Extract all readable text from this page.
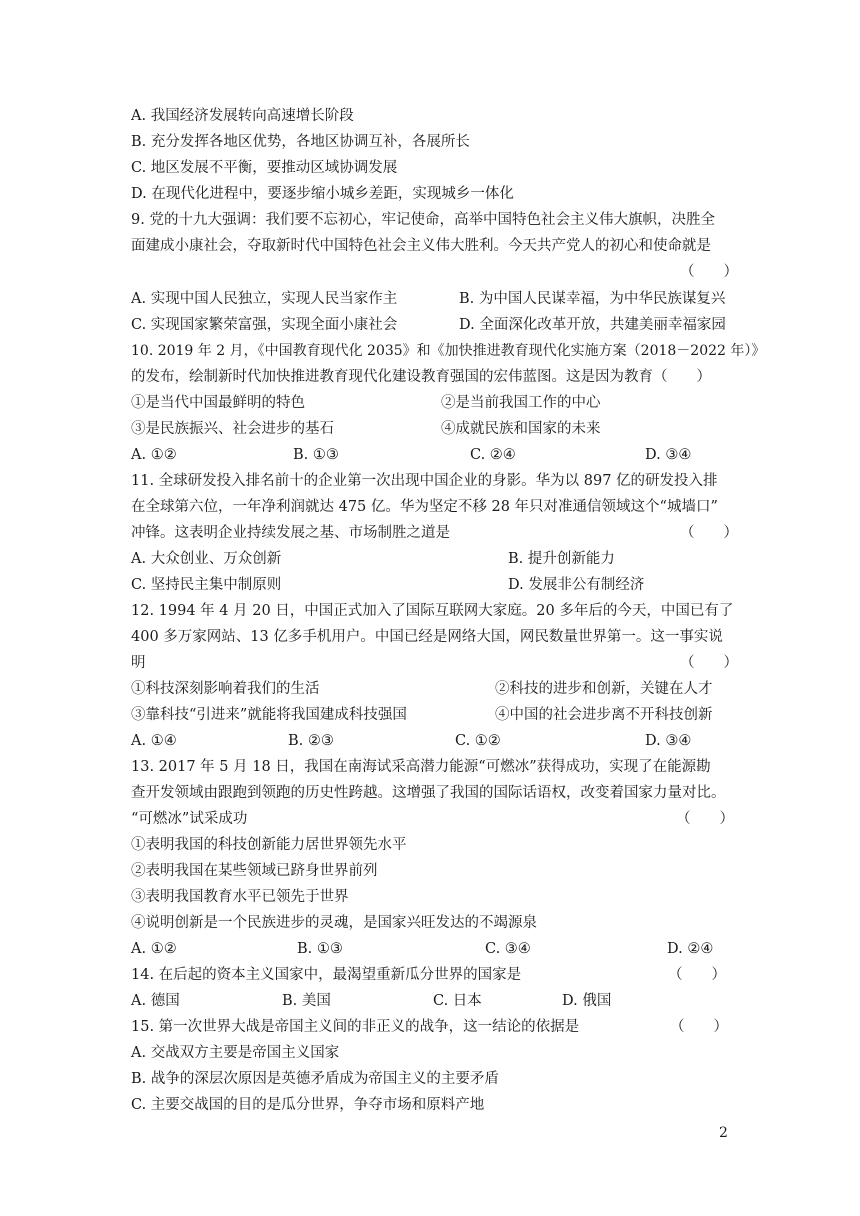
A. 我国经济发展转向高速增长阶段
B. 充分发挥各地区优势，各地区协调互补，各展所长
C. 地区发展不平衡，要推动区域协调发展
D. 在现代化进程中，要逐步缩小城乡差距，实现城乡一体化
9. 党的十九大强调：我们要不忘初心，牢记使命，高举中国特色社会主义伟大旗帜，决胜全
面建成小康社会，夺取新时代中国特色社会主义伟大胜利。今天共产党人的初心和使命就是
（　　）
A. 实现中国人民独立，实现人民当家作主	B. 为中国人民谋幸福，为中华民族谋复兴
C. 实现国家繁荣富强，实现全面小康社会	D. 全面深化改革开放，共建美丽幸福家园
10. 2019 年 2 月，《中国教育现代化 2035》和《加快推进教育现代化实施方案（2018－2022 年）》
的发布，绘制新时代加快推进教育现代化建设教育强国的宏伟蓝图。这是因为教育（　　）
①是当代中国最鲜明的特色	②是当前我国工作的中心
③是民族振兴、社会进步的基石	④成就民族和国家的未来
A. ①②	B. ①③	C. ②④	D. ③④
11. 全球研发投入排名前十的企业第一次出现中国企业的身影。华为以 897 亿的研发投入排
在全球第六位，一年净利润就达 475 亿。华为坚定不移 28 年只对准通信领域这个“城墙口”
冲锋。这表明企业持续发展之基、市场制胜之道是	（　　）
A. 大众创业、万众创新	B. 提升创新能力
C. 坚持民主集中制原则	D. 发展非公有制经济
12. 1994 年 4 月 20 日，中国正式加入了国际互联网大家庭。20 多年后的今天，中国已有了
400 多万家网站、13 亿多手机用户。中国已经是网络大国，网民数量世界第一。这一事实说
明	（　　）
①科技深刻影响着我们的生活	②科技的进步和创新，关键在人才
③靠科技“引进来”就能将我国建成科技强国	④中国的社会进步离不开科技创新
A. ①④	B. ②③	C. ①②	D. ③④
13. 2017 年 5 月 18 日，我国在南海试采高潜力能源“可燃冰”获得成功，实现了在能源勘
查开发领域由跟跑到领跑的历史性跨越。这增强了我国的国际话语权，改变着国家力量对比。
“可燃冰”试采成功	（　　）
①表明我国的科技创新能力居世界领先水平
②表明我国在某些领域已跻身世界前列
③表明我国教育水平已领先于世界
④说明创新是一个民族进步的灵魂，是国家兴旺发达的不竭源泉
A. ①②	B. ①③	C. ③④	D. ②④
14. 在后起的资本主义国家中，最渴望重新瓜分世界的国家是	（　　）
A. 德国	B. 美国	C. 日本	D. 俄国
15. 第一次世界大战是帝国主义间的非正义的战争，这一结论的依据是	（　　）
A. 交战双方主要是帝国主义国家
B. 战争的深层次原因是英德矛盾成为帝国主义的主要矛盾
C. 主要交战国的目的是瓜分世界，争夺市场和原料产地
2
